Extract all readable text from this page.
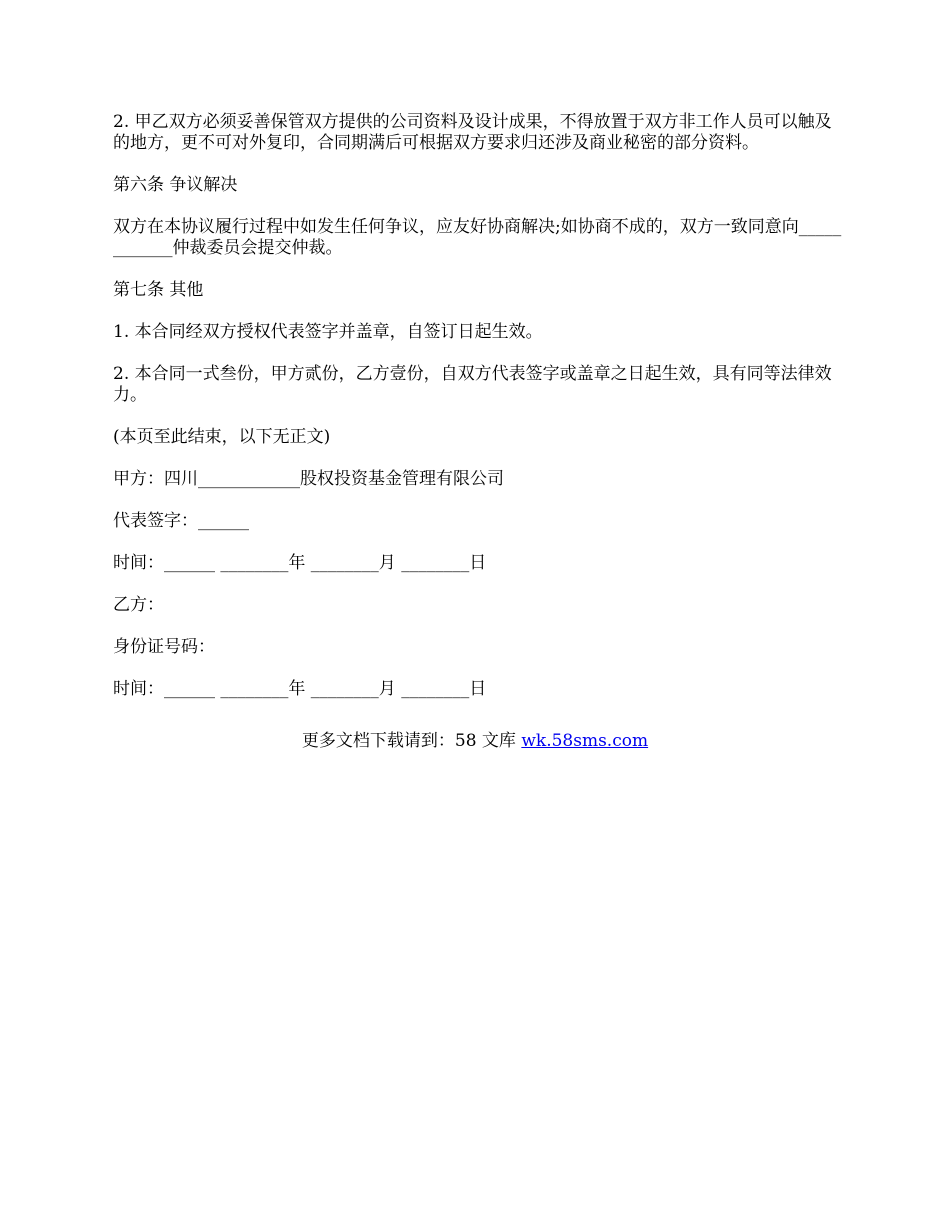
2. 甲乙双方必须妥善保管双方提供的公司资料及设计成果，不得放置于双方非工作人员可以触及的地方，更不可对外复印，合同期满后可根据双方要求归还涉及商业秘密的部分资料。

第六条 争议解决

双方在本协议履行过程中如发生任何争议，应友好协商解决;如协商不成的，双方一致同意向____________仲裁委员会提交仲裁。

第七条 其他

1. 本合同经双方授权代表签字并盖章，自签订日起生效。

2. 本合同一式叁份，甲方贰份，乙方壹份，自双方代表签字或盖章之日起生效，具有同等法律效力。

(本页至此结束，以下无正文)

甲方：四川____________股权投资基金管理有限公司

代表签字：______

时间：______ ________年 ________月 ________日

乙方：

身份证号码：

时间：______ ________年 ________月 ________日

更多文档下载请到：58 文库 wk.58sms.com
